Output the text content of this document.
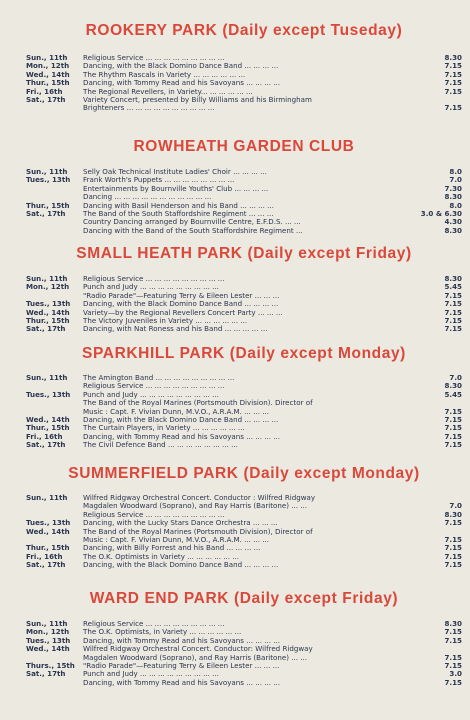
ROOKERY PARK (Daily except Tuseday)
Sun., 11th	Religious Service ... ... ... ... ... ... ... ... ...	8.30
Mon., 12th	Dancing, with the Black Domino Dance Band ... ... ... ...	7.15
Wed., 14th	The Rhythm Rascals in Variety ... ... ... ... ... ...	7.15
Thur., 15th	Dancing, with Tommy Read and his Savoyans ... ... ... ...	7.15
Fri., 16th	The Regional Revellers, in Variety... ... ... ... ... ...	7.15
Sat., 17th	Variety Concert, presented by Billy Williams and his Birmingham
Brighteners ... ... ... ... ... ... ... ... ... ...	7.15
ROWHEATH GARDEN CLUB
Sun., 11th	Selly Oak Technical Institute Ladies' Choir ... ... ... ...	8.0
Tues., 13th	Frank Worth's Puppets ... ... ... ... ... ... ... ...	7.0
Entertainments by Bournville Youths' Club ... ... ... ...	7.30
Dancing ... ... ... ... ... ... ... ... ... ... ...	8.30
Thur., 15th	Dancing with Basil Henderson and his Band ... ... ... ...	8.0
Sat., 17th	The Band of the South Staffordshire Regiment ... ... ...	3.0 & 6.30
Country Dancing arranged by Bournville Centre, E.F.D.S. ... ...	4.30
Dancing with the Band of the South Staffordshire Regiment ...	8.30
SMALL HEATH PARK (Daily except Friday)
Sun., 11th	Religious Service ... ... ... ... ... ... ... ... ...	8.30
Mon., 12th	Punch and Judy ... ... ... ... ... ... ... ... ...	5.45
"Radio Parade"—Featuring Terry & Eileen Lester ... ... ...	7.15
Tues., 13th	Dancing, with the Black Domino Dance Band ... ... ... ...	7.15
Wed., 14th	Variety—by the Regional Revellers Concert Party ... ... ...	7.15
Thur., 15th	The Victory Juveniles in Variety ... ... ... ... ... ...	7.15
Sat., 17th	Dancing, with Nat Roness and his Band ... ... ... ... ...	7.15
SPARKHILL PARK (Daily except Monday)
Sun., 11th	The Amington Band ... ... ... ... ... ... ... ... ...	7.0
Religious Service ... ... ... ... ... ... ... ... ...	8.30
Tues., 13th	Punch and Judy ... ... ... ... ... ... ... ... ...	5.45
The Band of the Royal Marines (Portsmouth Division). Director of
Music : Capt. F. Vivian Dunn, M.V.O., A.R.A.M. ... ... ...	7.15
Wed., 14th	Dancing, with the Black Domino Dance Band ... ... ... ...	7.15
Thur., 15th	The Curtain Players, in Variety ... ... ... ... ... ...	7.15
Fri., 16th	Dancing, with Tommy Read and his Savoyans ... ... ... ...	7.15
Sat., 17th	The Civil Defence Band ... ... ... ... ... ... ... ...	7.15
SUMMERFIELD PARK (Daily except Monday)
Sun., 11th	Wilfred Ridgway Orchestral Concert. Conductor : Wilfred Ridgway
Magdalen Woodward (Soprano), and Ray Harris (Baritone) ... ...	7.0
Religious Service ... ... ... ... ... ... ... ... ...	8.30
Tues., 13th	Dancing, with the Lucky Stars Dance Orchestra ... ... ...	7.15
Wed., 14th	The Band of the Royal Marines (Portsmouth Division), Director of
Music : Capt. F. Vivian Dunn, M.V.O., A.R.A.M. ... ... ...	7.15
Thur., 15th	Dancing, with Billy Forrest and his Band ... ... ... ...	7.15
Fri., 16th	The O.K. Optimists in Variety ... ... ... ... ... ...	7.15
Sat., 17th	Dancing, with the Black Domino Dance Band ... ... ... ...	7.15
WARD END PARK (Daily except Friday)
Sun., 11th	Religious Service ... ... ... ... ... ... ... ... ...	8.30
Mon., 12th	The O.K. Optimists, in Variety ... ... ... ... ... ...	7.15
Tues., 13th	Dancing, with Tommy Read and his Savoyans ... ... ... ...	7.15
Wed., 14th	Wilfred Ridgway Orchestral Concert. Conductor: Wilfred Ridgway
Magdalen Woodward (Soprano), and Ray Harris (Baritone) ... ...	7.15
Thurs., 15th	"Radio Parade"—Featuring Terry & Eileen Lester ... ... ...	7.15
Sat., 17th	Punch and Judy ... ... ... ... ... ... ... ... ...	3.0
Dancing, with Tommy Read and his Savoyans ... ... ... ...	7.15
